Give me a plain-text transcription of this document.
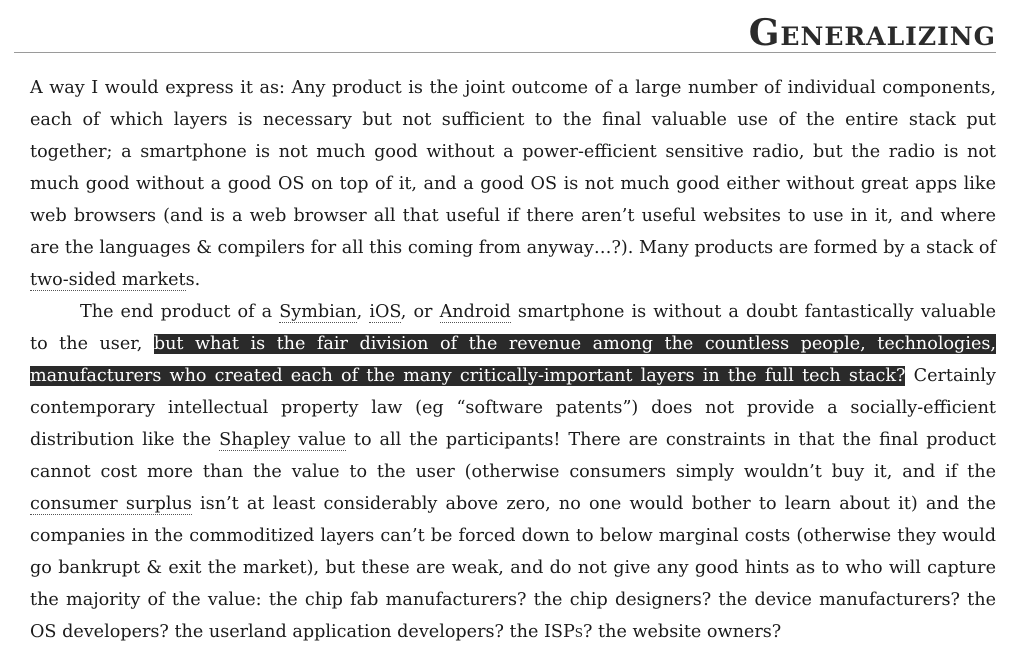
Generalizing

A way I would express it as: Any product is the joint outcome of a large number of individual components, each of which layers is necessary but not sufficient to the final valuable use of the entire stack put together; a smartphone is not much good without a power-efficient sensitive radio, but the radio is not much good without a good OS on top of it, and a good OS is not much good either without great apps like web browsers (and is a web browser all that useful if there aren’t useful websites to use in it, and where are the languages & compilers for all this coming from anyway…?). Many products are formed by a stack of two-sided markets.

The end product of a Symbian, iOS, or Android smartphone is without a doubt fantastically valuable to the user, but what is the fair division of the revenue among the countless people, technologies, manufacturers who created each of the many critically-important layers in the full tech stack? Certainly contemporary intellectual property law (eg “software patents”) does not provide a socially-efficient distribution like the Shapley value to all the participants! There are constraints in that the final product cannot cost more than the value to the user (otherwise consumers simply wouldn’t buy it, and if the consumer surplus isn’t at least considerably above zero, no one would bother to learn about it) and the companies in the commoditized layers can’t be forced down to below marginal costs (otherwise they would go bankrupt & exit the market), but these are weak, and do not give any good hints as to who will capture the majority of the value: the chip fab manufacturers? the chip designers? the device manufacturers? the OS developers? the userland application developers? the ISPs? the website owners?
